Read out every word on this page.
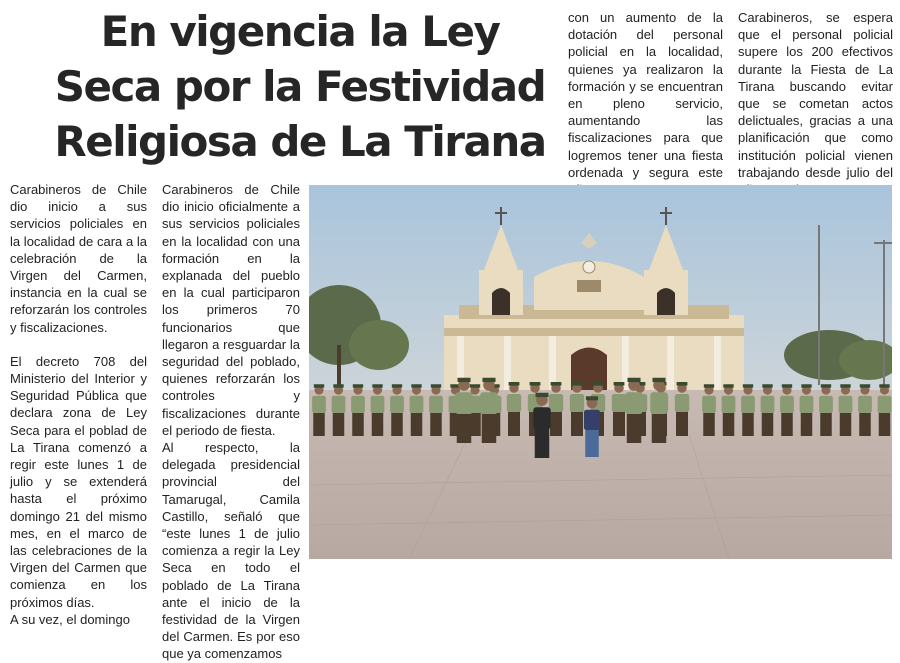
En vigencia la Ley
Seca por la Festividad
Religiosa de La Tirana

Carabineros de Chile dio inicio a sus servicios policiales en la localidad de cara a la celebración de la Virgen del Carmen, instancia en la cual se reforzarán los controles y fiscalizaciones.

El decreto 708 del Ministerio del Interior y Seguridad Pública que declara zona de Ley Seca para el poblad de La Tirana comenzó a regir este lunes 1 de julio y se extenderá hasta el próximo domingo 21 del mismo mes, en el marco de las celebraciones de la Virgen del Carmen que comienza en los próximos días.

A su vez, el domingo

Carabineros de Chile dio inicio oficialmente a sus servicios policiales en la localidad con una formación en la explanada del pueblo en la cual participaron los primeros 70 funcionarios que llegaron a resguardar la seguridad del poblado, quienes reforzarán los controles y fiscalizaciones durante el periodo de fiesta.

Al respecto, la delegada presidencial provincial del Tamarugal, Camila Castillo, señaló que “este lunes 1 de julio comienza a regir la Ley Seca en todo el poblado de La Tirana ante el inicio de la festividad de la Virgen del Carmen. Es por eso que ya comenzamos

con un aumento de la dotación del personal policial en la localidad, quienes ya realizaron la formación y se encuentran en pleno servicio, aumentando las fiscalizaciones para que logremos tener una fiesta ordenada y segura este

Carabineros, se espera que el personal policial supere los 200 efectivos durante la Fiesta de La Tirana buscando evitar que se cometan actos delictuales, gracias a una planificación que como institución policial vienen trabajando desde julio del
